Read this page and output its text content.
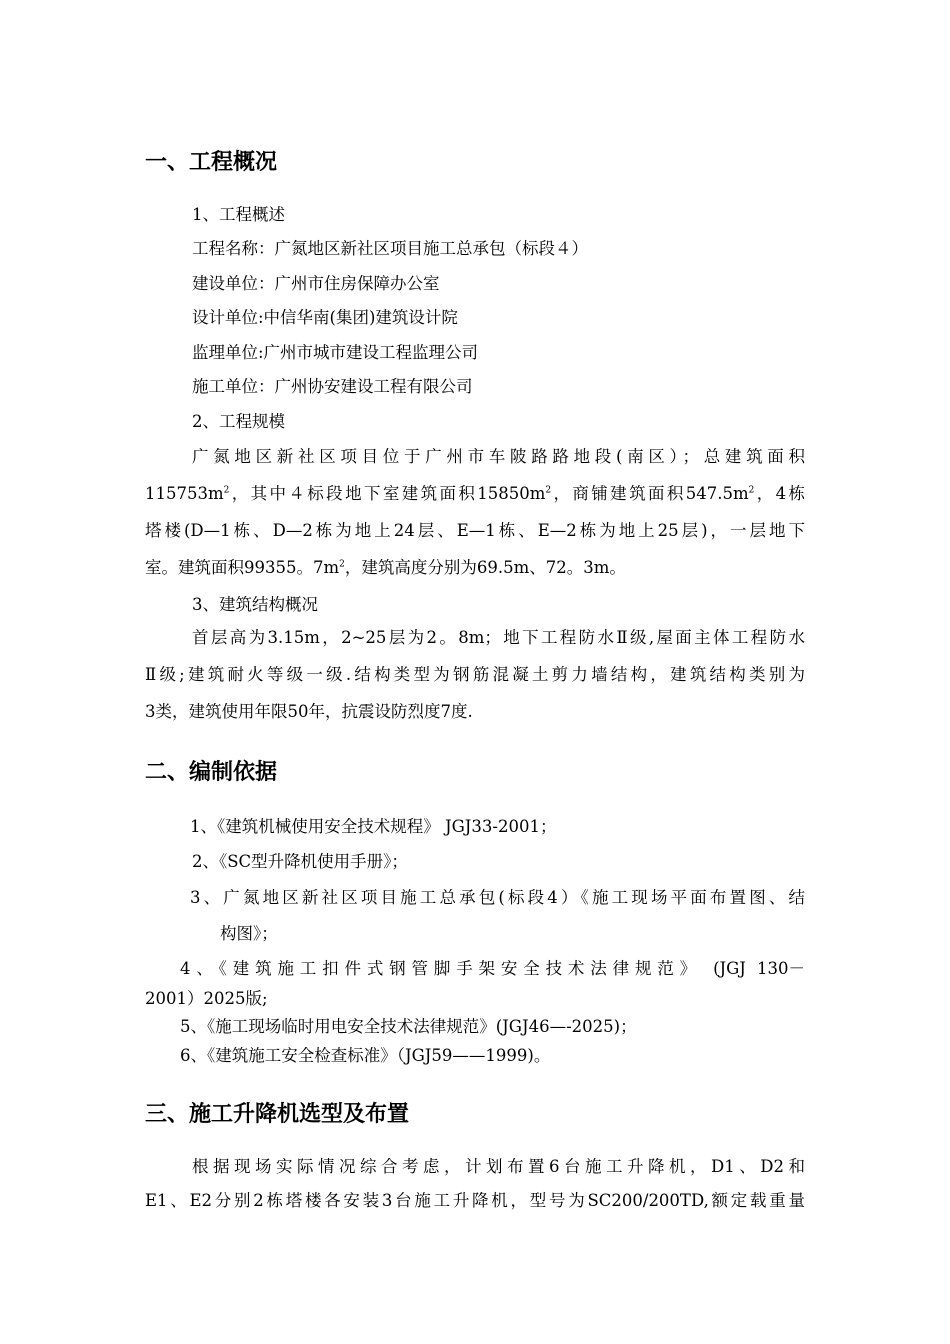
一、工程概况

1、工程概述

工程名称：广氮地区新社区项目施工总承包（标段４）

建设单位：广州市住房保障办公室

设计单位:中信华南(集团)建筑设计院

监理单位:广州市城市建设工程监理公司

施工单位：广州协安建设工程有限公司

2、工程规模

广氮地区新社区项目位于广州市车陂路路地段(南区）；总建筑面积

$115753m^2$，其中４标段地下室建筑面积$15850m^2$，商铺建筑面积$547.5m^2$，4栋

塔楼(D—1栋、D—2栋为地上24层、E—1栋、E—2栋为地上25层)，一层地下

室。建筑面积99355。$7m^2$，建筑高度分别为69.5m、72。3m。

3、建筑结构概况

首层高为3.15m，2~25层为2。8m；地下工程防水Ⅱ级,屋面主体工程防水

Ⅱ级;建筑耐火等级一级.结构类型为钢筋混凝土剪力墙结构，建筑结构类别为

3类，建筑使用年限50年，抗震设防烈度7度.

二、编制依据

1、《建筑机械使用安全技术规程》 JGJ33-2001；

2、《SC型升降机使用手册》；

3、广氮地区新社区项目施工总承包(标段4）《施工现场平面布置图、结

构图》；

4、《建筑施工扣件式钢管脚手架安全技术法律规范》 (JGJ 130－

2001）2025版;

5、《施工现场临时用电安全技术法律规范》(JGJ46—-2025)；

6、《建筑施工安全检查标准》（JGJ59——1999)。

三、施工升降机选型及布置

根据现场实际情况综合考虑，计划布置6台施工升降机，D1、D2和

E1、E2分别2栋塔楼各安装3台施工升降机，型号为SC200/200TD,额定载重量
